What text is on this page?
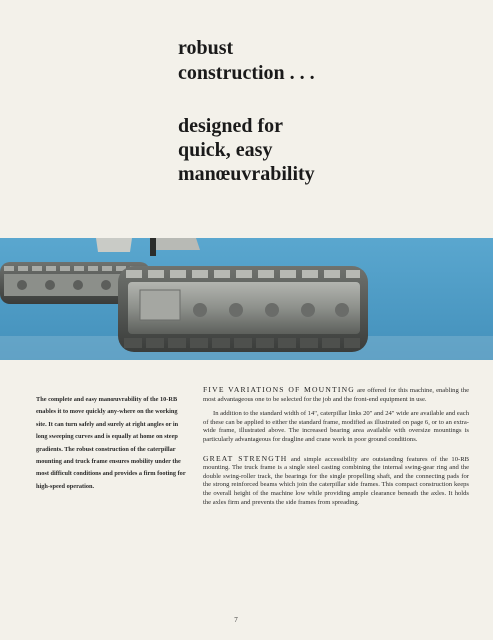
robust
construction . . .
designed for
quick, easy
manœuvrability
The complete and easy manœuvrability of the 10-RB enables it to move quickly any-where on the working site. It can turn safely and surely at right angles or in long sweeping curves and is equally at home on steep gradients. The robust construction of the caterpillar mounting and truck frame ensures mobility under the most difficult conditions and provides a firm footing for high-speed operation.

FIVE VARIATIONS OF MOUNTING are offered for this machine, enabling the most advantageous one to be selected for the job and the front-end equipment in use.

In addition to the standard width of 14", caterpillar links 20" and 24" wide are available and each of these can be applied to either the standard frame, modified as illustrated on page 6, or to an extra-wide frame, illustrated above. The increased bearing area available with oversize mountings is particularly advantageous for dragline and crane work in poor ground conditions.

GREAT STRENGTH and simple accessibility are outstanding features of the 10-RB mounting. The truck frame is a single steel casting combining the internal swing-gear ring and the double swing-roller track, the bearings for the single propelling shaft, and the connecting pads for the strong reinforced beams which join the caterpillar side frames. This compact construction keeps the overall height of the machine low while providing ample clearance beneath the axles. It holds the axles firm and prevents the side frames from spreading.

7
